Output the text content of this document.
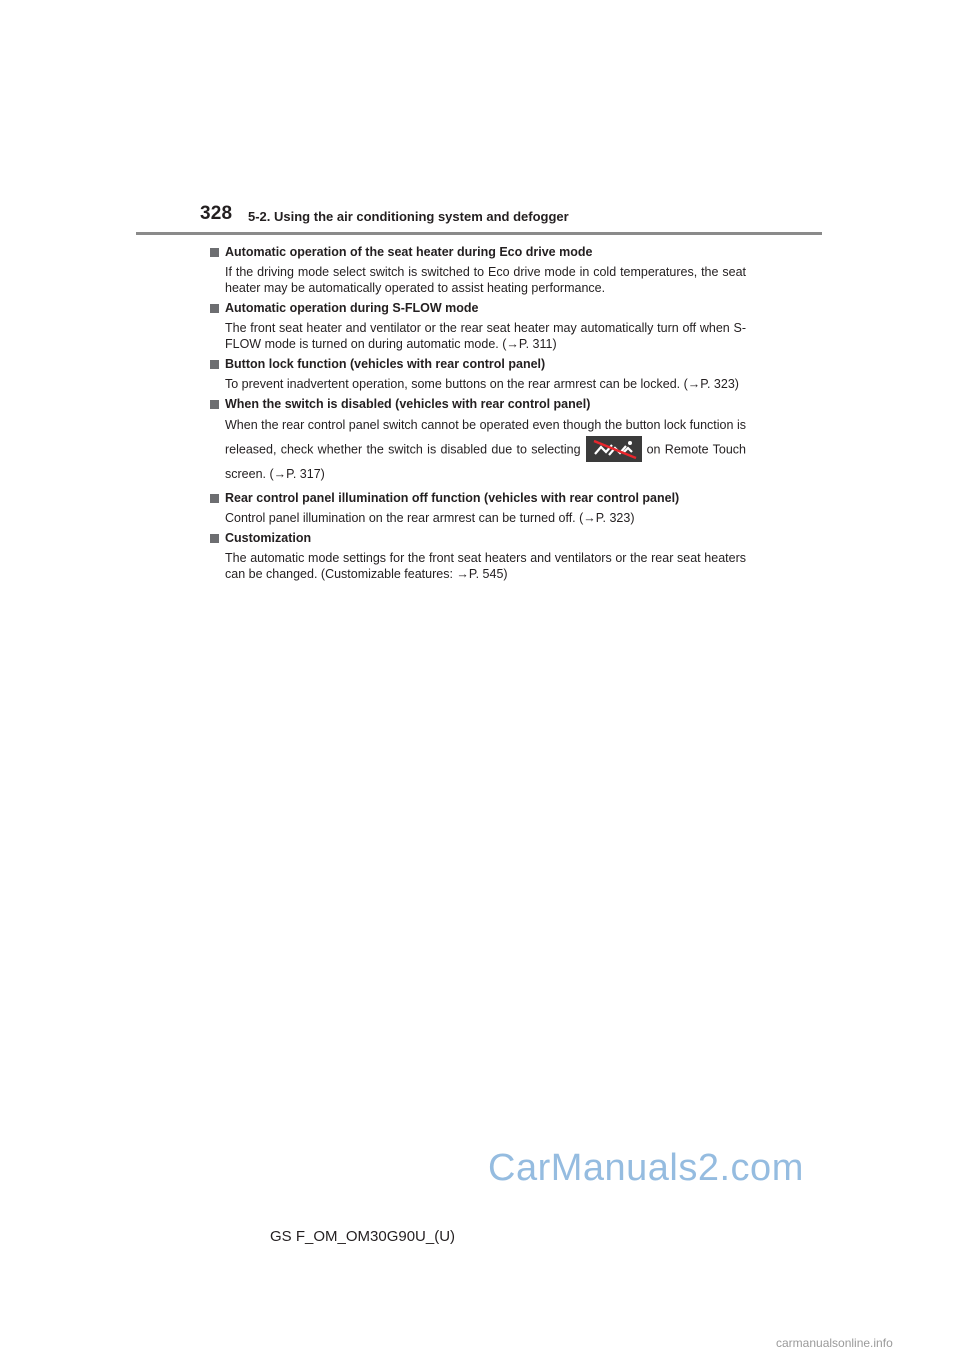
328 5-2. Using the air conditioning system and defogger
Automatic operation of the seat heater during Eco drive mode
If the driving mode select switch is switched to Eco drive mode in cold temperatures, the seat heater may be automatically operated to assist heating performance.
Automatic operation during S-FLOW mode
The front seat heater and ventilator or the rear seat heater may automatically turn off when S-FLOW mode is turned on during automatic mode. (→P. 311)
Button lock function (vehicles with rear control panel)
To prevent inadvertent operation, some buttons on the rear armrest can be locked. (→P. 323)
When the switch is disabled (vehicles with rear control panel)
When the rear control panel switch cannot be operated even though the button lock function is released, check whether the switch is disabled due to selecting	on Remote Touch screen. (→P. 317)
Rear control panel illumination off function (vehicles with rear control panel)
Control panel illumination on the rear armrest can be turned off. (→P. 323)
Customization
The automatic mode settings for the front seat heaters and ventilators or the rear seat heaters can be changed. (Customizable features: →P. 545)
CarManuals2.com
GS F_OM_OM30G90U_(U)
carmanualsonline.info
